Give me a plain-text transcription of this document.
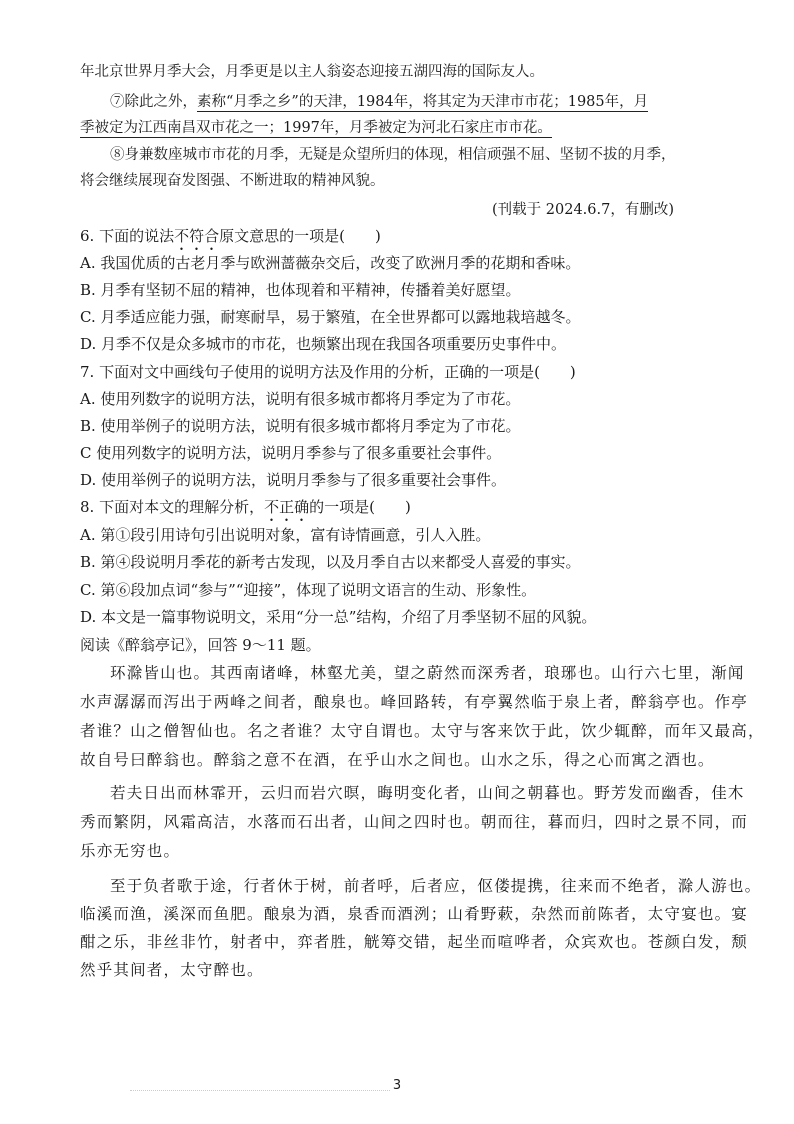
年北京世界月季大会，月季更是以主人翁姿态迎接五湖四海的国际友人。
⑦除此之外，素称“月季之乡”的天津，1984年，将其定为天津市市花；1985年，月
季被定为江西南昌双市花之一；1997年，月季被定为河北石家庄市市花。
⑧身兼数座城市市花的月季，无疑是众望所归的体现，相信顽强不屈、坚韧不拔的月季，
将会继续展现奋发图强、不断进取的精神风貌。
(刊载于 2024.6.7，有删改)
6. 下面的说法不符合原文意思的一项是(　　)
A. 我国优质的古老月季与欧洲蔷薇杂交后，改变了欧洲月季的花期和香味。
B. 月季有坚韧不屈的精神，也体现着和平精神，传播着美好愿望。
C. 月季适应能力强，耐寒耐旱，易于繁殖，在全世界都可以露地栽培越冬。
D. 月季不仅是众多城市的市花，也频繁出现在我国各项重要历史事件中。
7. 下面对文中画线句子使用的说明方法及作用的分析，正确的一项是(　　)
A. 使用列数字的说明方法，说明有很多城市都将月季定为了市花。
B. 使用举例子的说明方法，说明有很多城市都将月季定为了市花。
C 使用列数字的说明方法，说明月季参与了很多重要社会事件。
D. 使用举例子的说明方法，说明月季参与了很多重要社会事件。
8. 下面对本文的理解分析，不正确的一项是(　　)
A. 第①段引用诗句引出说明对象，富有诗情画意，引人入胜。
B. 第④段说明月季花的新考古发现，以及月季自古以来都受人喜爱的事实。
C. 第⑥段加点词“参与”“迎接”，体现了说明文语言的生动、形象性。
D. 本文是一篇事物说明文，采用“分一总”结构，介绍了月季坚韧不屈的风貌。
阅读《醉翁亭记》，回答 9～11 题。
环滁皆山也。其西南诸峰，林壑尤美，望之蔚然而深秀者，琅琊也。山行六七里，渐闻
水声潺潺而泻出于两峰之间者，酿泉也。峰回路转，有亭翼然临于泉上者，醉翁亭也。作亭
者谁？山之僧智仙也。名之者谁？太守自谓也。太守与客来饮于此，饮少辄醉，而年又最高，
故自号曰醉翁也。醉翁之意不在酒，在乎山水之间也。山水之乐，得之心而寓之酒也。
若夫日出而林霏开，云归而岩穴暝，晦明变化者，山间之朝暮也。野芳发而幽香，佳木
秀而繁阴，风霜高洁，水落而石出者，山间之四时也。朝而往，暮而归，四时之景不同，而
乐亦无穷也。
至于负者歌于途，行者休于树，前者呼，后者应，伛偻提携，往来而不绝者，滁人游也。
临溪而渔，溪深而鱼肥。酿泉为酒，泉香而酒洌；山肴野蔌，杂然而前陈者，太守宴也。宴
酣之乐，非丝非竹，射者中，弈者胜，觥筹交错，起坐而喧哗者，众宾欢也。苍颜白发，颓
然乎其间者，太守醉也。
3
